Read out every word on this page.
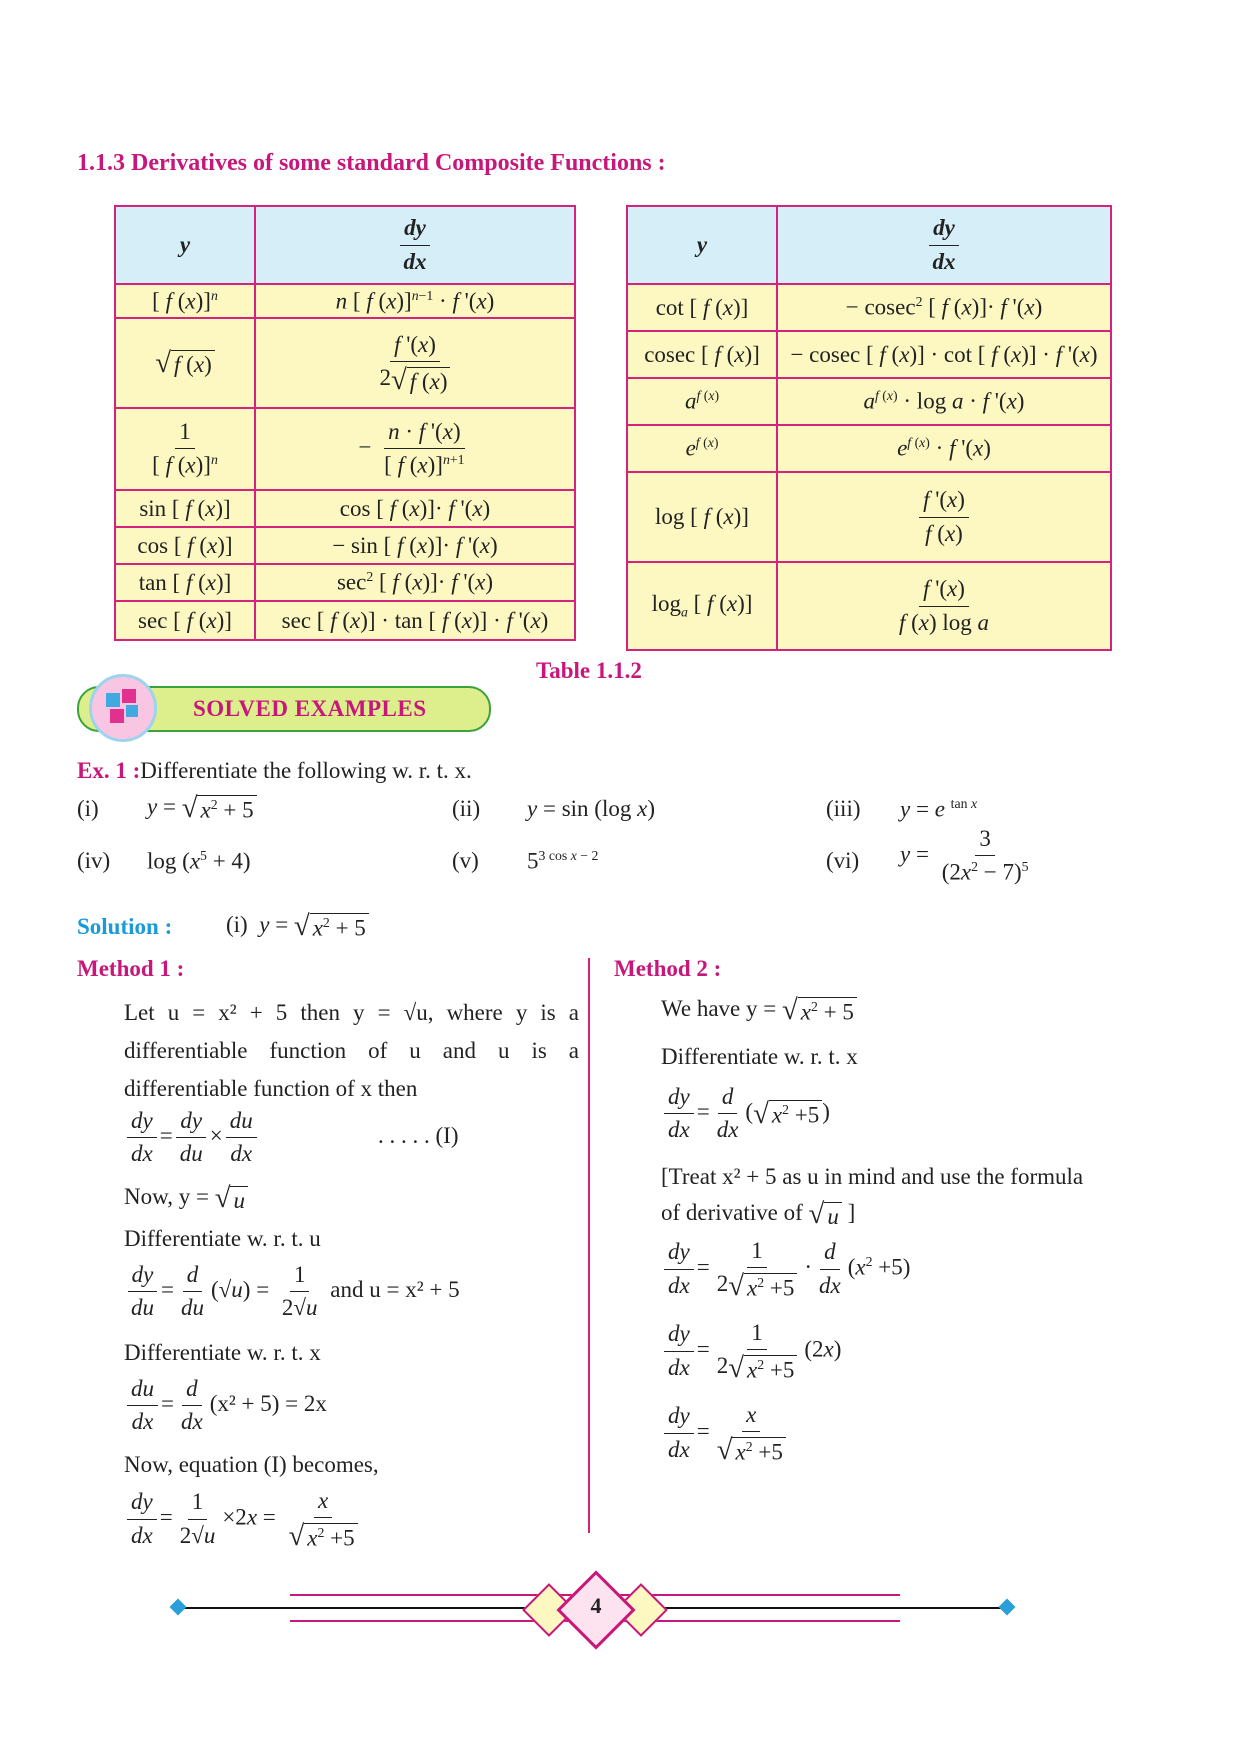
1.1.3 Derivatives of some standard Composite Functions :
y	$\frac{dy}{dx}$

[ f (x)]$^n$	n [ f (x)]$^{n-1}$ · f '(x)

√ f (x)	$\frac{f '(x)}{2 √ f (x)}$

$\frac{1}{[ f (x)]^n}$	− $\frac{n \cdot f '(x)}{[ f (x)]^{n+1}}$

sin [ f (x)]	cos [ f (x)]· f '(x)
cos [ f (x)]	− sin [ f (x)]· f '(x)
tan [ f (x)]	$\sec^2$ [ f (x)]· f '(x)
sec [ f (x)]	sec [ f (x)] · tan [ f (x)] · f '(x)
y	$\frac{dy}{dx}$

cot [ f (x)]	− cosec$^2$ [ f (x)]· f '(x)
cosec [ f (x)]	− cosec [ f (x)] · cot [ f (x)] · f '(x)
$a^{f (x)}$	$a^{f (x)} \cdot \log a \cdot f$ '(x)
$e^{f (x)}$	$e^{f (x)} \cdot f$ '(x)
log [ f (x)]	$\frac{f '(x)}{f (x)}$

$\log_a$ [ f (x)]	$\frac{f '(x)}{\text{f (x) log a}}$
Table 1.1.2
SOLVED EXAMPLES
Ex. 1 :Differentiate the following w. r. t. x.
(i) y = √ $x^2 + 5$	(ii) y = sin (log x)	(iii) y = e $^{tan x}$
(iv) $\log (x^5 + 4)$	(v) $5^{3 cos x - 2}$	(vi) $y = \frac{3}{(2x^2 - 7)^5}$
Solution : (i) y = √ $x^2 + 5$
Method 1 :
Let u = x² + 5 then y = √u, where y is a differentiable function of u and u is a differentiable function of x then
$\frac{dy}{dx} = \frac{dy}{du} \times \frac{du}{dx}$	. . . . . (I)
Now, y = √ u
Differentiate w. r. t. u
$\frac{dy}{du} = \frac{d}{du} (√u) = \frac{1}{2√u}$ and u = x² + 5
Differentiate w. r. t. x
$\frac{du}{dx} = \frac{d}{dx} (x^2 + 5) = 2x$
Now, equation (I) becomes,
$\frac{dy}{dx} = \frac{1}{2√u} \times 2x = \frac{x}{√ x^2 +5}$
Method 2 :
We have y = √ $x^2 + 5$
Differentiate w. r. t. x
$\frac{dy}{dx} = \frac{d}{dx}$ ( √ $x^2 +5$ )
[Treat x² + 5 as u in mind and use the formula
of derivative of √ u ]
$\frac{dy}{dx} = \frac{1}{2 √ x^2 +5} \cdot \frac{d}{dx} (x^2 +5)$
$\frac{dy}{dx} = \frac{1}{2 √ x^2 +5} (2x)$
$\frac{dy}{dx} = \frac{x}{√ x^2 +5}$
4
